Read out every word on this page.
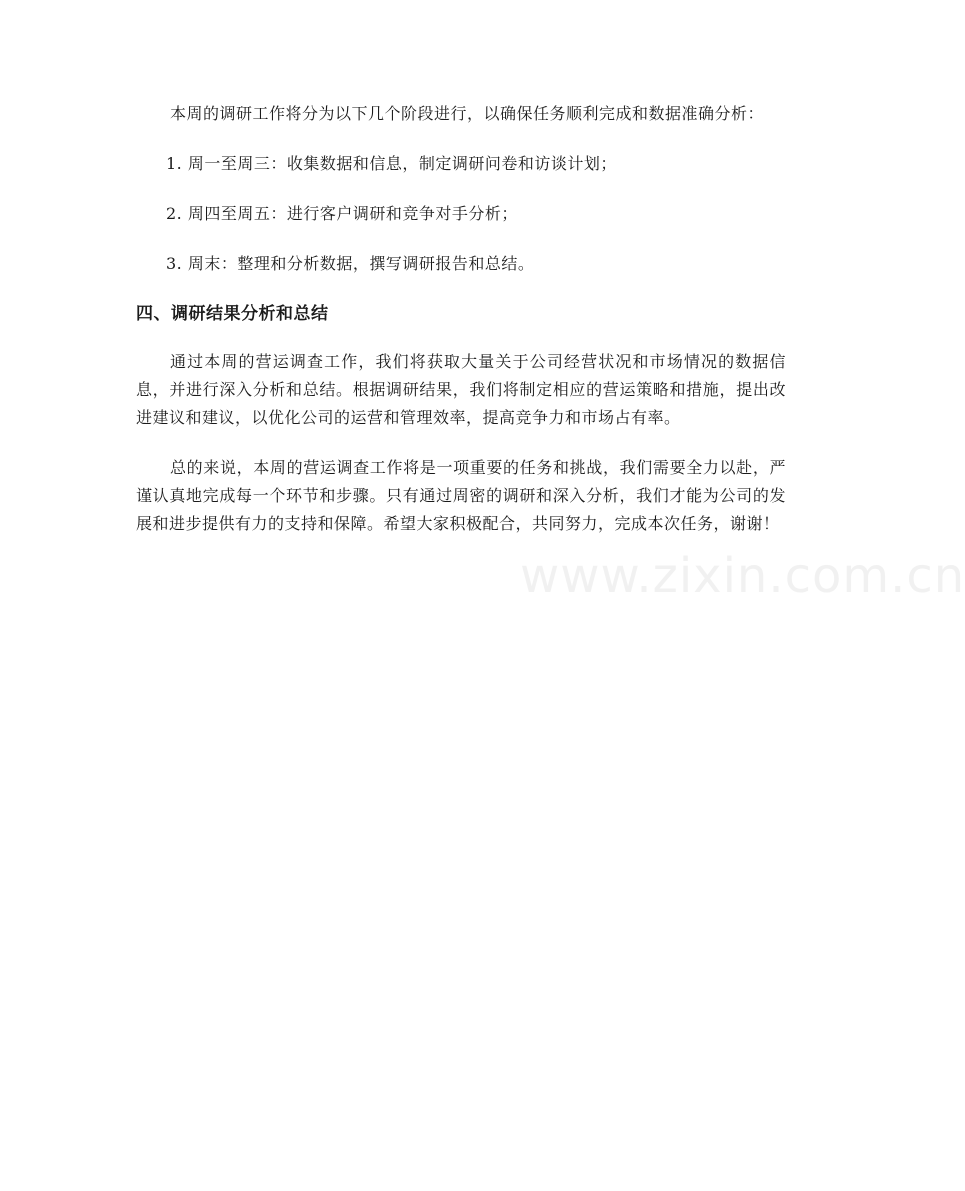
本周的调研工作将分为以下几个阶段进行，以确保任务顺利完成和数据准确分析：

1. 周一至周三：收集数据和信息，制定调研问卷和访谈计划；

2. 周四至周五：进行客户调研和竞争对手分析；

3. 周末：整理和分析数据，撰写调研报告和总结。

四、调研结果分析和总结

通过本周的营运调查工作，我们将获取大量关于公司经营状况和市场情况的数据信息，并进行深入分析和总结。根据调研结果，我们将制定相应的营运策略和措施，提出改进建议和建议，以优化公司的运营和管理效率，提高竞争力和市场占有率。

总的来说，本周的营运调查工作将是一项重要的任务和挑战，我们需要全力以赴，严谨认真地完成每一个环节和步骤。只有通过周密的调研和深入分析，我们才能为公司的发展和进步提供有力的支持和保障。希望大家积极配合，共同努力，完成本次任务，谢谢！

www.zixin.com.cn
